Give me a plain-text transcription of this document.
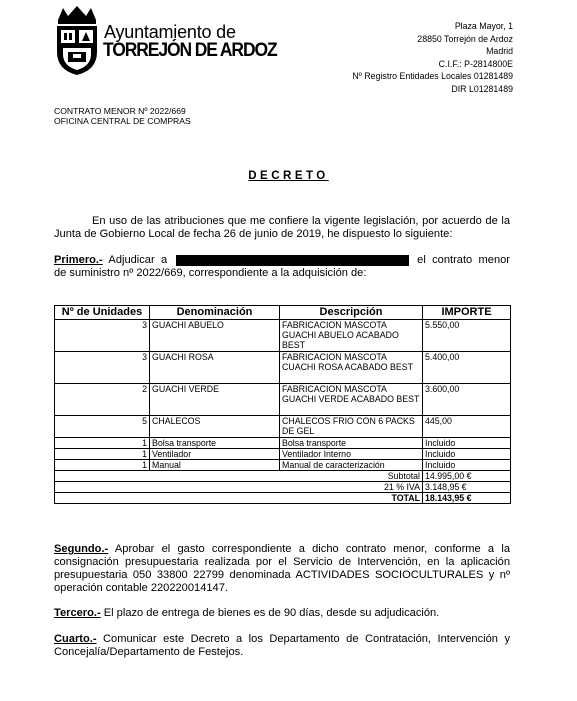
Ayuntamiento de
TORREJÓN DE ARDOZ
Plaza Mayor, 1
28850 Torrejón de Ardoz
Madrid
C.I.F.: P-2814800E
Nº Registro Entidades Locales 01281489
DIR L01281489
CONTRATO MENOR Nº 2022/669
OFICINA CENTRAL DE COMPRAS
DECRETO
En uso de las atribuciones que me confiere la vigente legislación, por acuerdo de la Junta de Gobierno Local de fecha 26 de junio de 2019, he dispuesto lo siguiente:
Primero.- Adjudicar a	el contrato menor de suministro nº 2022/669, correspondiente a la adquisición de:
Nº de Unidades	Denominación	Descripción	IMPORTE
3	GUACHI ABUELO	FABRICACION MASCOTA GUACHI ABUELO ACABADO BEST	5.550,00
3	GUACHI ROSA	FABRICACION MASCOTA CUACHI ROSA ACABADO BEST	5.400,00
2	GUACHI VERDE	FABRICACION MASCOTA GUACHI VERDE ACABADO BEST	3.600,00
5	CHALECOS	CHALECOS FRIO CON 6 PACKS DE GEL	445,00
1	Bolsa transporte	Bolsa transporte	Incluido
1	Ventilador	Ventilador Interno	Incluido
1	Manual	Manual de caracterización	Incluido
Subtotal			14.995,00 €
21 % IVA			3.148,95 €
TOTAL			18.143,95 €
Segundo.- Aprobar el gasto correspondiente a dicho contrato menor, conforme a la consignación presupuestaria realizada por el Servicio de Intervención, en la aplicación presupuestaria 050 33800 22799 denominada ACTIVIDADES SOCIOCULTURALES y nº operación contable 220220014147.
Tercero.- El plazo de entrega de bienes es de 90 días, desde su adjudicación.
Cuarto.- Comunicar este Decreto a los Departamento de Contratación, Intervención y Concejalía/Departamento de Festejos.
